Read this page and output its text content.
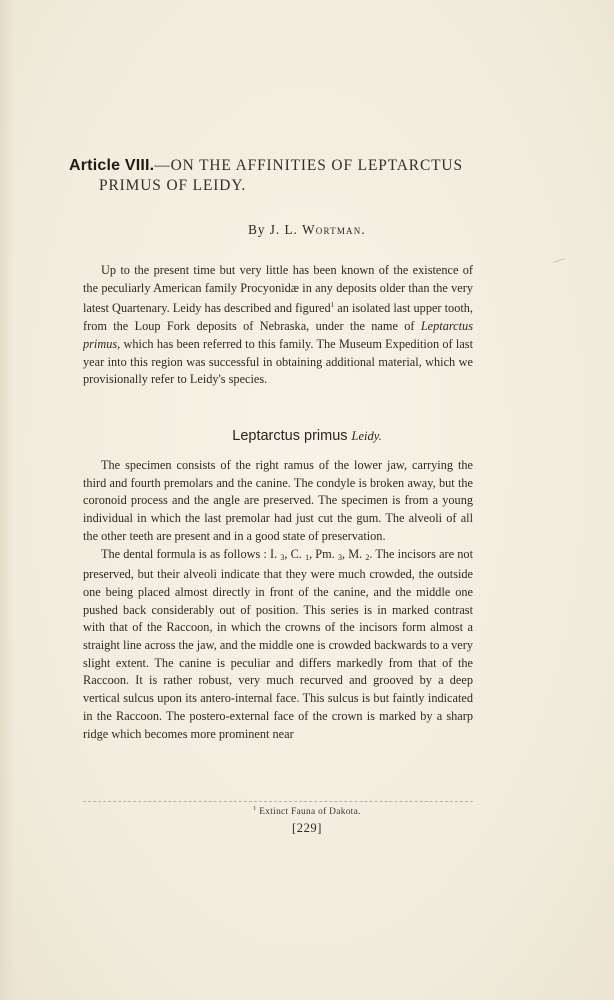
Article VIII.—ON THE AFFINITIES OF LEPTARCTUS
PRIMUS OF LEIDY.
By J. L. Wortman.

Up to the present time but very little has been known of the existence of the peculiarly American family Procyonidæ in any deposits older than the very latest Quartenary. Leidy has described and figured$^1$ an isolated last upper tooth, from the Loup Fork deposits of Nebraska, under the name of Leptarctus primus, which has been referred to this family. The Museum Expedition of last year into this region was successful in obtaining additional material, which we provisionally refer to Leidy's species.

Leptarctus primus Leidy.

The specimen consists of the right ramus of the lower jaw, carrying the third and fourth premolars and the canine. The condyle is broken away, but the coronoid process and the angle are preserved. The specimen is from a young individual in which the last premolar had just cut the gum. The alveoli of all the other teeth are present and in a good state of preservation.

The dental formula is as follows : I. $_3$, C. $_1$, Pm. $_3$, M. $_2$. The incisors are not preserved, but their alveoli indicate that they were much crowded, the outside one being placed almost directly in front of the canine, and the middle one pushed back considerably out of position. This series is in marked contrast with that of the Raccoon, in which the crowns of the incisors form almost a straight line across the jaw, and the middle one is crowded backwards to a very slight extent. The canine is peculiar and differs markedly from that of the Raccoon. It is rather robust, very much recurved and grooved by a deep vertical sulcus upon its antero-internal face. This sulcus is but faintly indicated in the Raccoon. The postero-external face of the crown is marked by a sharp ridge which becomes more prominent near

$^1$ Extinct Fauna of Dakota.
[229]
